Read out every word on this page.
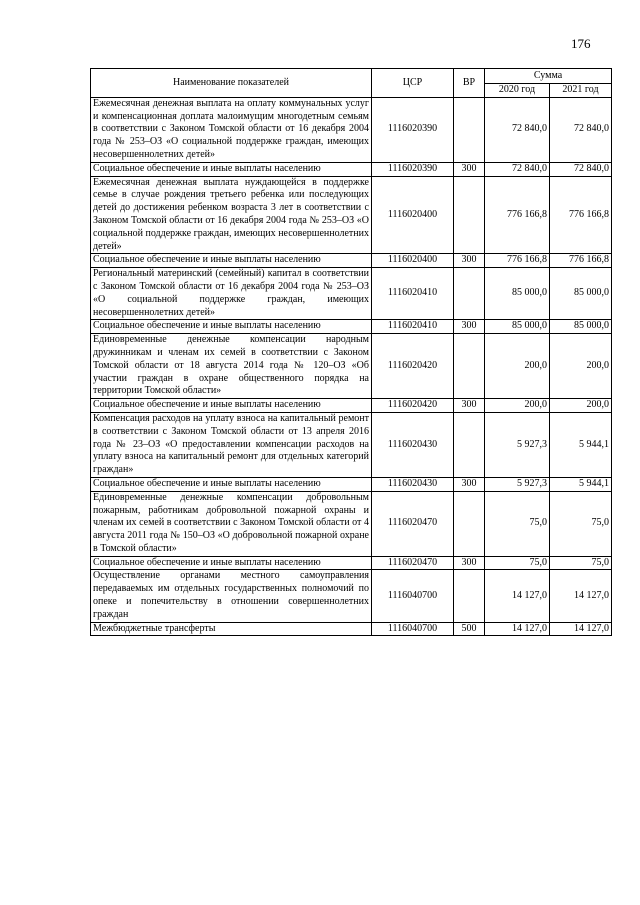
176
Наименование показателей	ЦСР	ВР	Сумма	
			2020 год	2021 год
Ежемесячная денежная выплата на оплату коммунальных услуг и компенсационная доплата малоимущим многодетным семьям в соответствии с Законом Томской области от 16 декабря 2004 года № 253–ОЗ «О социальной поддержке граждан, имеющих несовершеннолетних детей»	1116020390		72 840,0	72 840,0
Социальное обеспечение и иные выплаты населению	1116020390	300	72 840,0	72 840,0
Ежемесячная денежная выплата нуждающейся в поддержке семье в случае рождения третьего ребенка или последующих детей до достижения ребенком возраста 3 лет в соответствии с Законом Томской области от 16 декабря 2004 года № 253–ОЗ «О социальной поддержке граждан, имеющих несовершеннолетних детей»	1116020400		776 166,8	776 166,8
Социальное обеспечение и иные выплаты населению	1116020400	300	776 166,8	776 166,8
Региональный материнский (семейный) капитал в соответствии с Законом Томской области от 16 декабря 2004 года № 253–ОЗ «О социальной поддержке граждан, имеющих несовершеннолетних детей»	1116020410		85 000,0	85 000,0
Социальное обеспечение и иные выплаты населению	1116020410	300	85 000,0	85 000,0
Единовременные денежные компенсации народным дружинникам и членам их семей в соответствии с Законом Томской области от 18 августа 2014 года № 120–ОЗ «Об участии граждан в охране общественного порядка на территории Томской области»	1116020420		200,0	200,0
Социальное обеспечение и иные выплаты населению	1116020420	300	200,0	200,0
Компенсация расходов на уплату взноса на капитальный ремонт в соответствии с Законом Томской области от 13 апреля 2016 года № 23–ОЗ «О предоставлении компенсации расходов на уплату взноса на капитальный ремонт для отдельных категорий граждан»	1116020430		5 927,3	5 944,1
Социальное обеспечение и иные выплаты населению	1116020430	300	5 927,3	5 944,1
Единовременные денежные компенсации добровольным пожарным, работникам добровольной пожарной охраны и членам их семей в соответствии с Законом Томской области от 4 августа 2011 года № 150–ОЗ «О добровольной пожарной охране в Томской области»	1116020470		75,0	75,0
Социальное обеспечение и иные выплаты населению	1116020470	300	75,0	75,0
Осуществление органами местного самоуправления передаваемых им отдельных государственных полномочий по опеке и попечительству в отношении совершеннолетних граждан	1116040700		14 127,0	14 127,0
Межбюджетные трансферты	1116040700	500	14 127,0	14 127,0
